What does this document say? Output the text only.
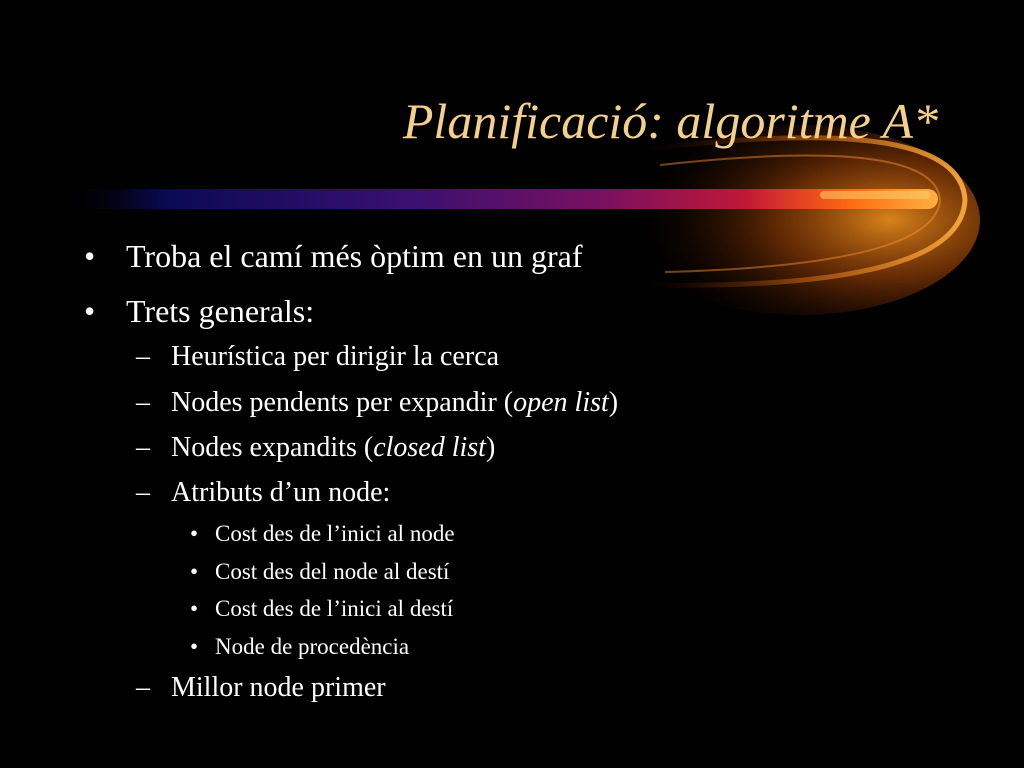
Planificació: algoritme A*
• Troba el camí més òptim en un graf
• Trets generals:
– Heurística per dirigir la cerca
– Nodes pendents per expandir (open list)
– Nodes expandits (closed list)
– Atributs d’un node:
• Cost des de l’inici al node
• Cost des del node al destí
• Cost des de l’inici al destí
• Node de procedència
– Millor node primer
